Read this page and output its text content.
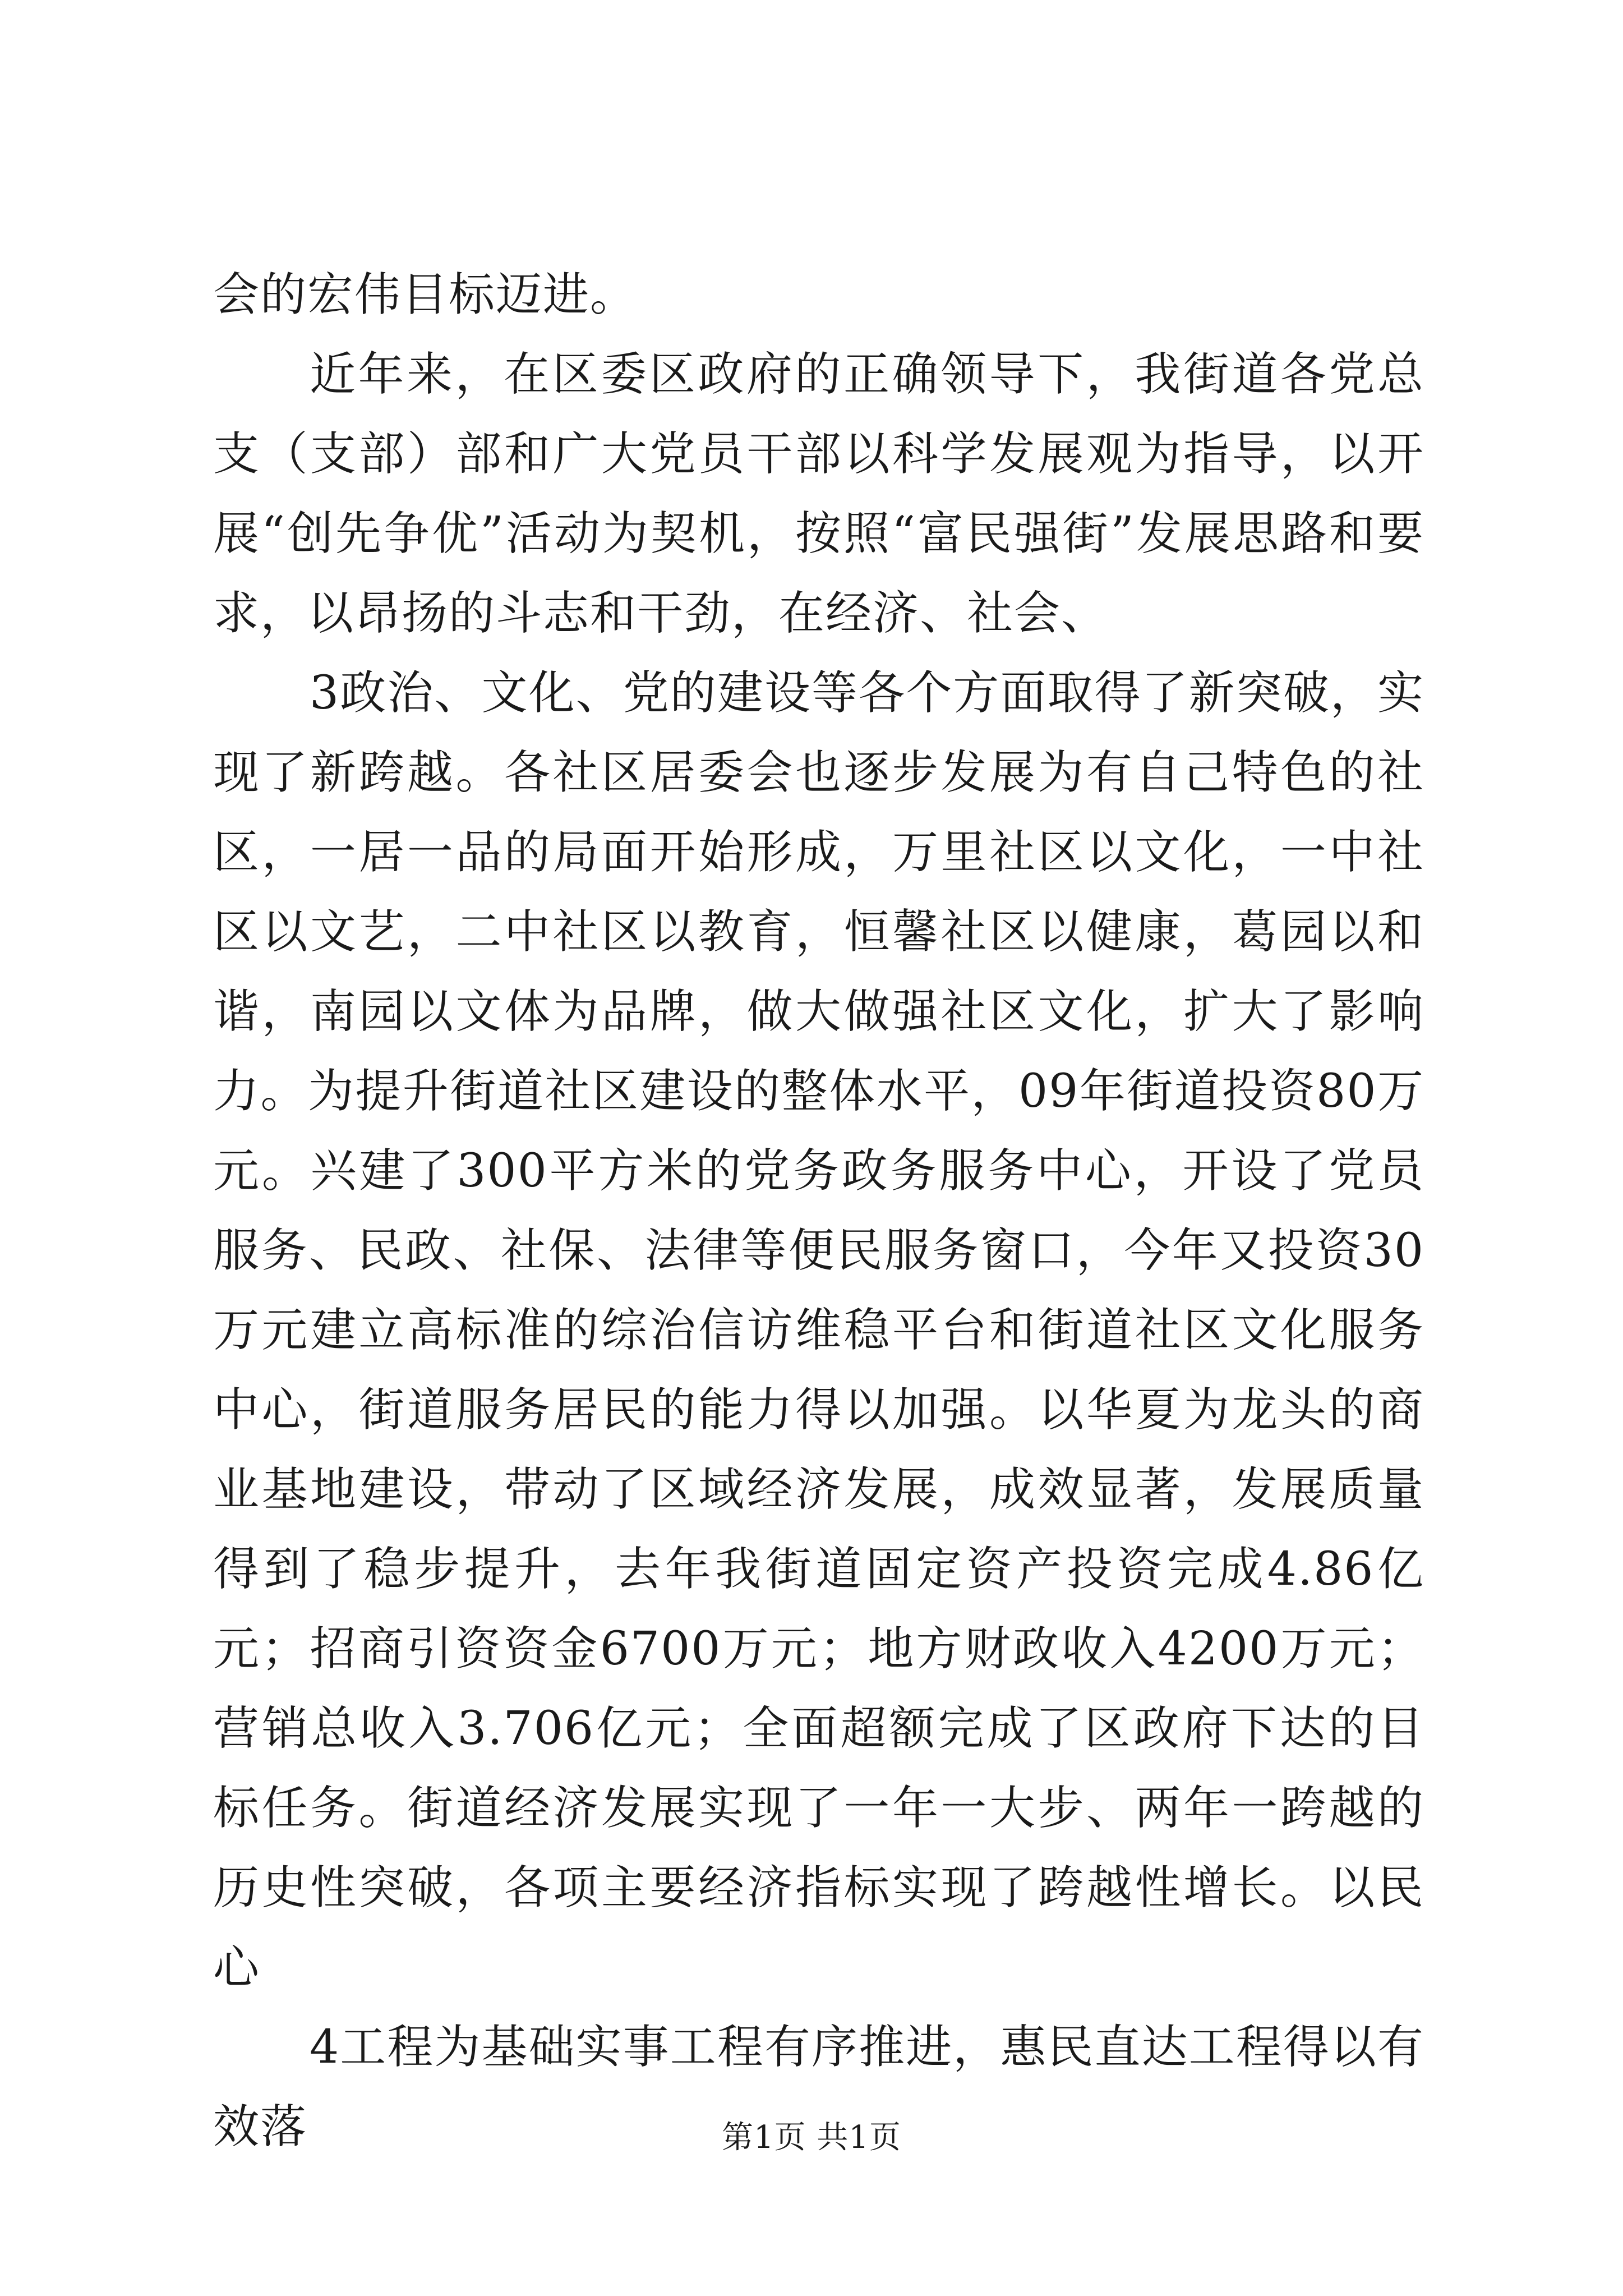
会的宏伟目标迈进。

近年来，在区委区政府的正确领导下，我街道各党总支（支部）部和广大党员干部以科学发展观为指导，以开展“创先争优”活动为契机，按照“富民强街”发展思路和要求，以昂扬的斗志和干劲，在经济、社会、

3政治、文化、党的建设等各个方面取得了新突破，实现了新跨越。各社区居委会也逐步发展为有自己特色的社区，一居一品的局面开始形成，万里社区以文化，一中社区以文艺，二中社区以教育，恒馨社区以健康，葛园以和谐，南园以文体为品牌，做大做强社区文化，扩大了影响力。为提升街道社区建设的整体水平，09年街道投资80万元。兴建了300平方米的党务政务服务中心，开设了党员服务、民政、社保、法律等便民服务窗口，今年又投资30万元建立高标准的综治信访维稳平台和街道社区文化服务中心，街道服务居民的能力得以加强。以华夏为龙头的商业基地建设，带动了区域经济发展，成效显著，发展质量得到了稳步提升，去年我街道固定资产投资完成4.86亿元；招商引资资金6700万元；地方财政收入4200万元；营销总收入3.706亿元；全面超额完成了区政府下达的目标任务。街道经济发展实现了一年一大步、两年一跨越的历史性突破，各项主要经济指标实现了跨越性增长。以民心

4工程为基础实事工程有序推进，惠民直达工程得以有效落	第1页 共1页
